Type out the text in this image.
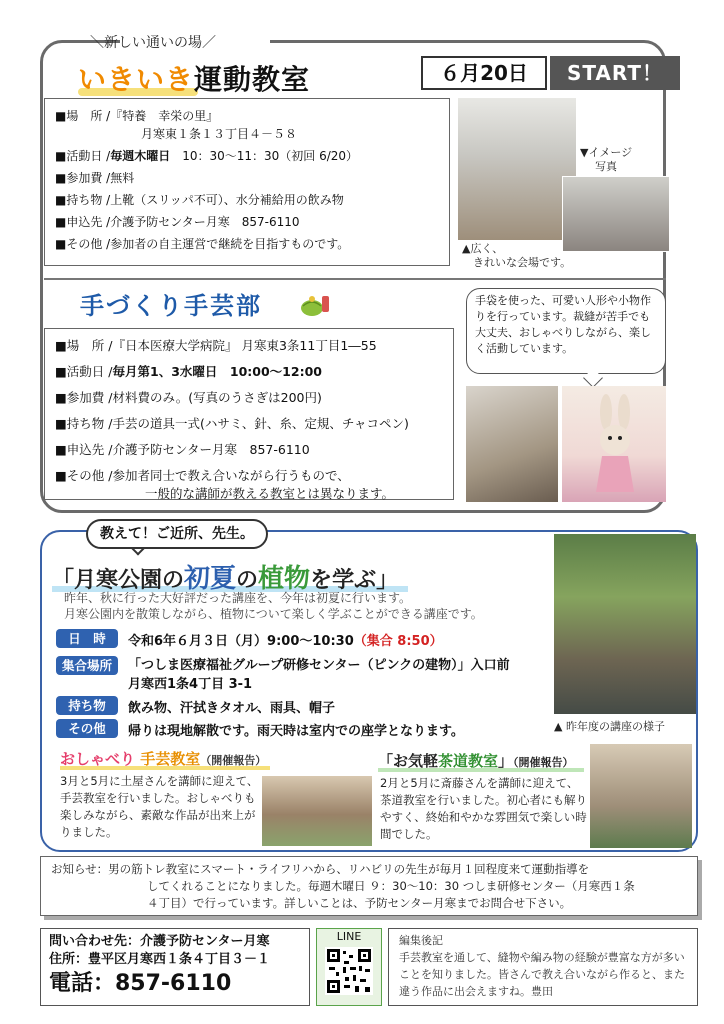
＼新しい通いの場／
いきいき運動教室	６月20日	START！
■場　所 /『特養　幸栄の里』
月寒東１条１３丁目４－５８
■活動日 /毎週木曜日　10：30～11：30（初回 6/20）
■参加費 /無料
■持ち物 /上靴（スリッパ不可）、水分補給用の飲み物
■申込先 /介護予防センター月寒　857-6110
■その他 /参加者の自主運営で継続を目指すものです。
▼イメージ
写真
▲広く、
　きれいな会場です。
手づくり手芸部
■場　所 /『日本医療大学病院』 月寒東3条11丁目1―55
■活動日 /毎月第1、3水曜日　10:00～12:00
■参加費 /材料費のみ。(写真のうさぎは200円)
■持ち物 /手芸の道具一式(ハサミ、針、糸、定規、チャコペン)
■申込先 /介護予防センター月寒　857-6110
■その他 /参加者同士で教え合いながら行うもので、
一般的な講師が教える教室とは異なります。
手袋を使った、可愛い人形や小物作りを行っています。裁縫が苦手でも大丈夫、おしゃべりしながら、楽しく活動しています。
教えて！ご近所、先生。
「月寒公園の初夏の植物を学ぶ」
昨年、秋に行った大好評だった講座を、今年は初夏に行います。
月寒公園内を散策しながら、植物について楽しく学ぶことができる講座です。
日　時	令和6年６月３日（月）9:00～10:30（集合 8:50）
集合場所	「つしま医療福祉グループ研修センター（ピンクの建物）」入口前
月寒西1条4丁目 3-1
持ち物	飲み物、汗拭きタオル、雨具、帽子
その他	帰りは現地解散です。雨天時は室内での座学となります。	▲ 昨年度の講座の様子
おしゃべり 手芸教室（開催報告）
3月と5月に土屋さんを講師に迎えて、手芸教室を行いました。おしゃべりも楽しみながら、素敵な作品が出来上がりました。
「お気軽茶道教室」（開催報告）
2月と5月に斎藤さんを講師に迎えて、茶道教室を行いました。初心者にも解りやすく、終始和やかな雰囲気で楽しい時間でした。
お知らせ：男の筋トレ教室にスマート・ライフリハから、リハビリの先生が毎月１回程度来て運動指導を
してくれることになりました。毎週木曜日 ９：30～10：30 つしま研修センター（月寒西１条
４丁目）で行っています。詳しいことは、予防センター月寒までお問合せ下さい。
問い合わせ先：介護予防センター月寒
住所：豊平区月寒西１条４丁目３－１
電話：857-6110
LINE	編集後記
手芸教室を通して、縫物や編み物の経験が豊富な方が多いことを知りました。皆さんで教え合いながら作ると、また違う作品に出会えますね。豊田
